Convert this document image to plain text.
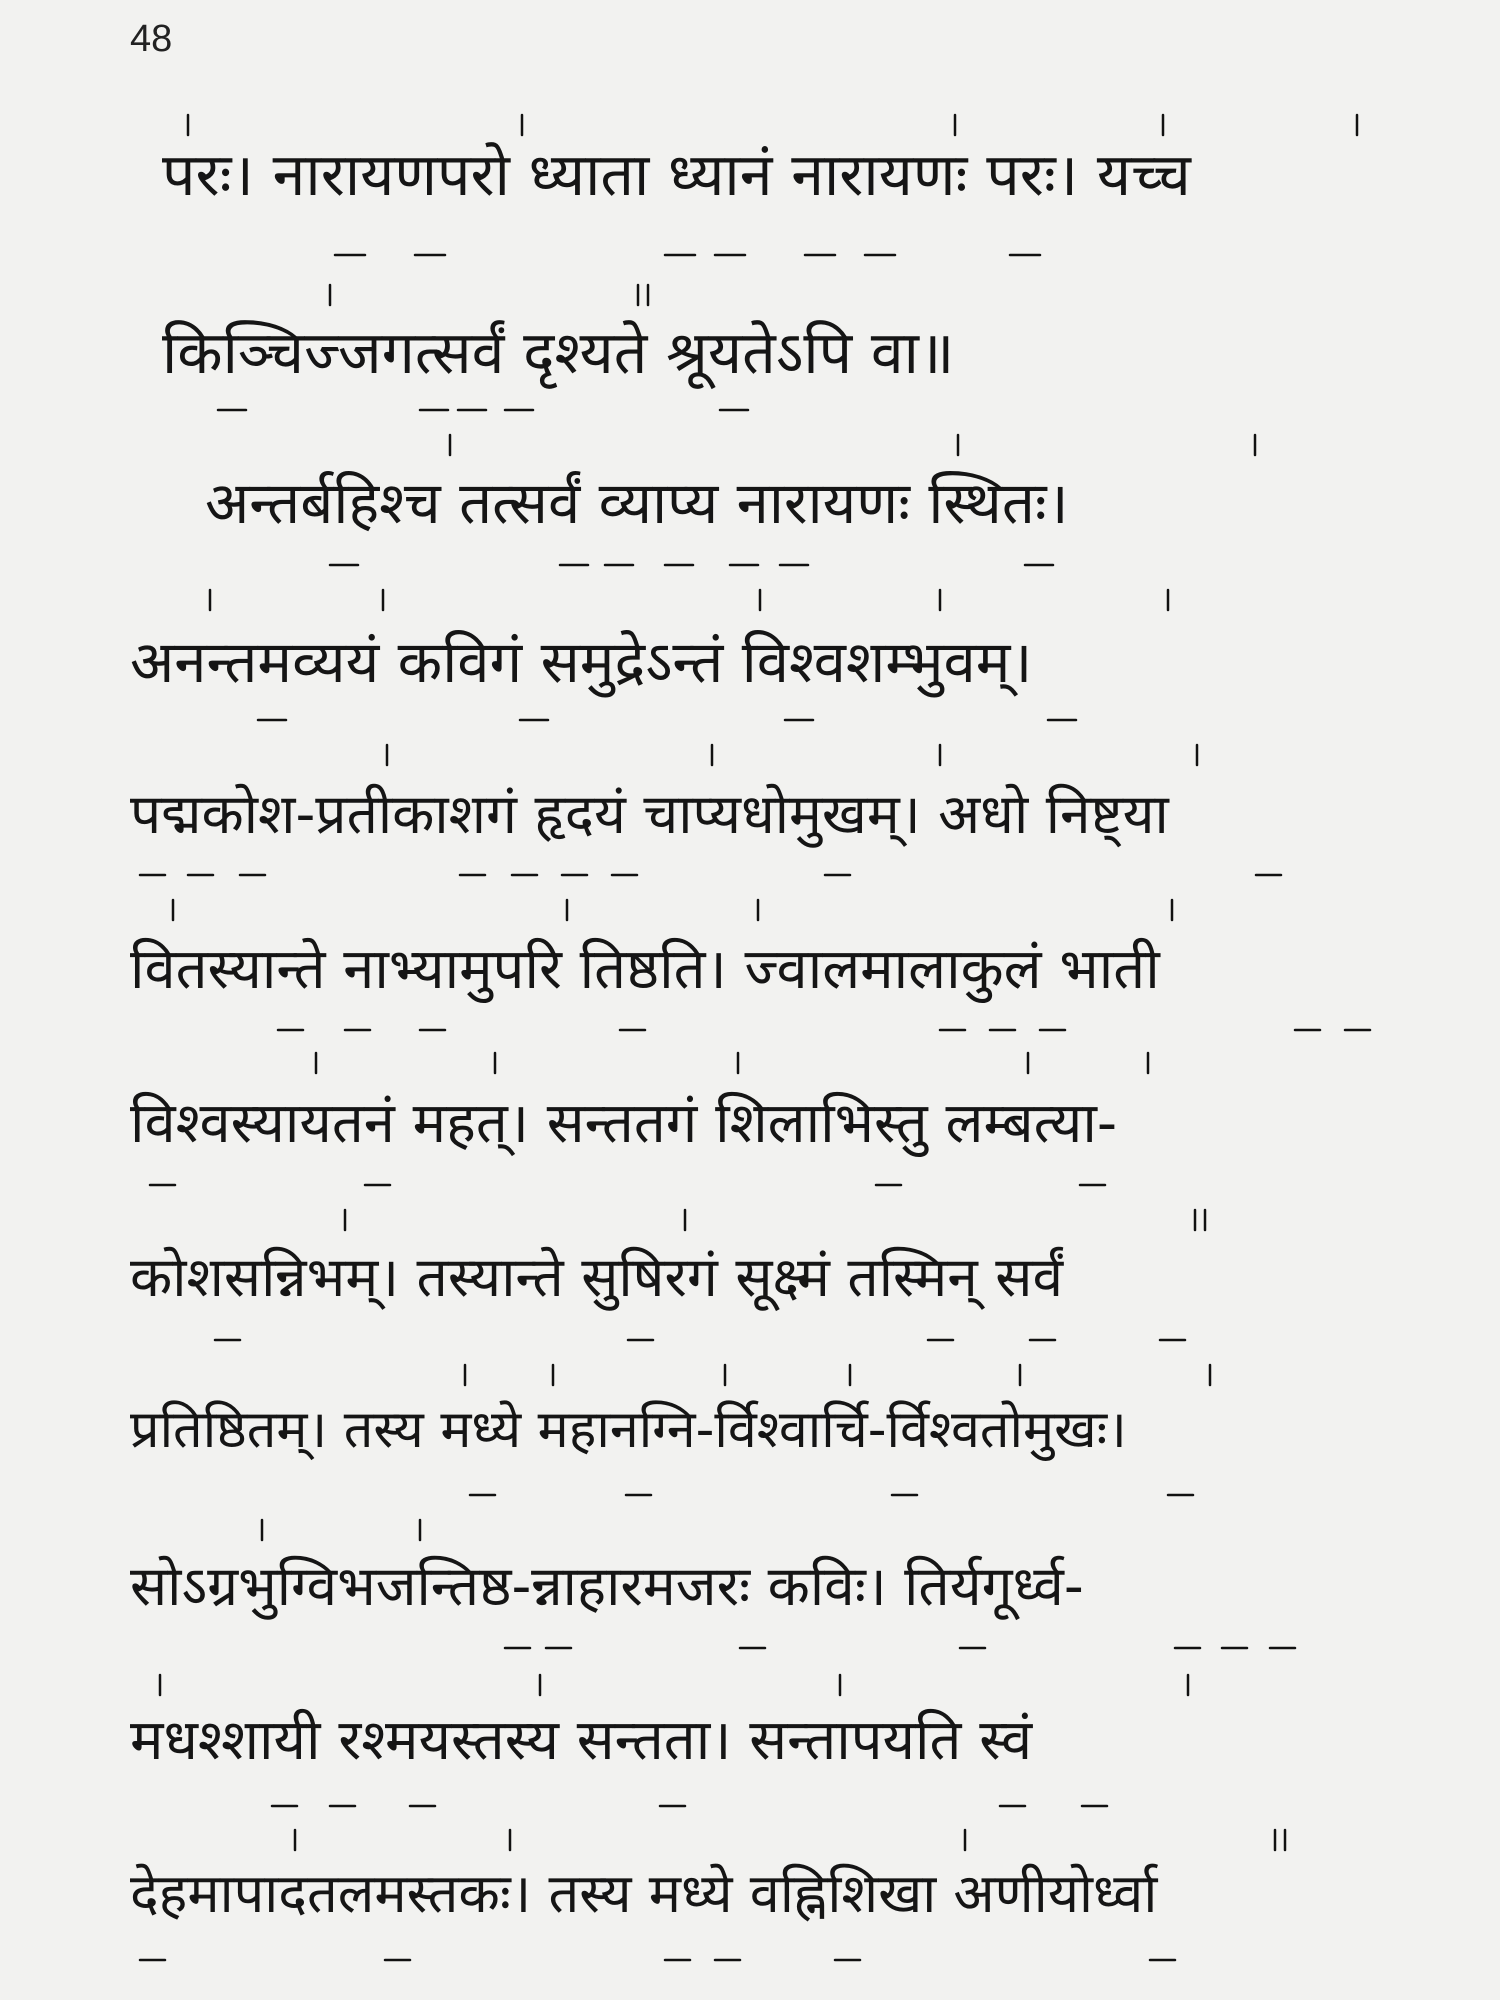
48
परः। नारायणपरो ध्याता ध्यानं नारायणः परः। यच्च
किञ्चिज्जगत्सर्वं दृश्यते श्रूयतेऽपि वा॥
अन्तर्बहिश्च तत्सर्वं व्याप्य नारायणः स्थितः।
अनन्तमव्ययं कविगं समुद्रेऽन्तं विश्वशम्भुवम्।
पद्मकोश-प्रतीकाशगं हृदयं चाप्यधोमुखम्। अधो निष्ट्या
वितस्यान्ते नाभ्यामुपरि तिष्ठति। ज्वालमालाकुलं भाती
विश्वस्यायतनं महत्। सन्ततगं शिलाभिस्तु लम्बत्या-
कोशसन्निभम्। तस्यान्ते सुषिरगं सूक्ष्मं तस्मिन् सर्वं
प्रतिष्ठितम्। तस्य मध्ये महानग्नि-र्विश्वार्चि-र्विश्वतोमुखः।
सोऽग्रभुग्विभजन्तिष्ठ-न्नाहारमजरः कविः। तिर्यगूर्ध्व-
मधश्शायी रश्मयस्तस्य सन्तता। सन्तापयति स्वं
देहमापादतलमस्तकः। तस्य मध्ये वह्निशिखा अणीयोर्ध्वा
